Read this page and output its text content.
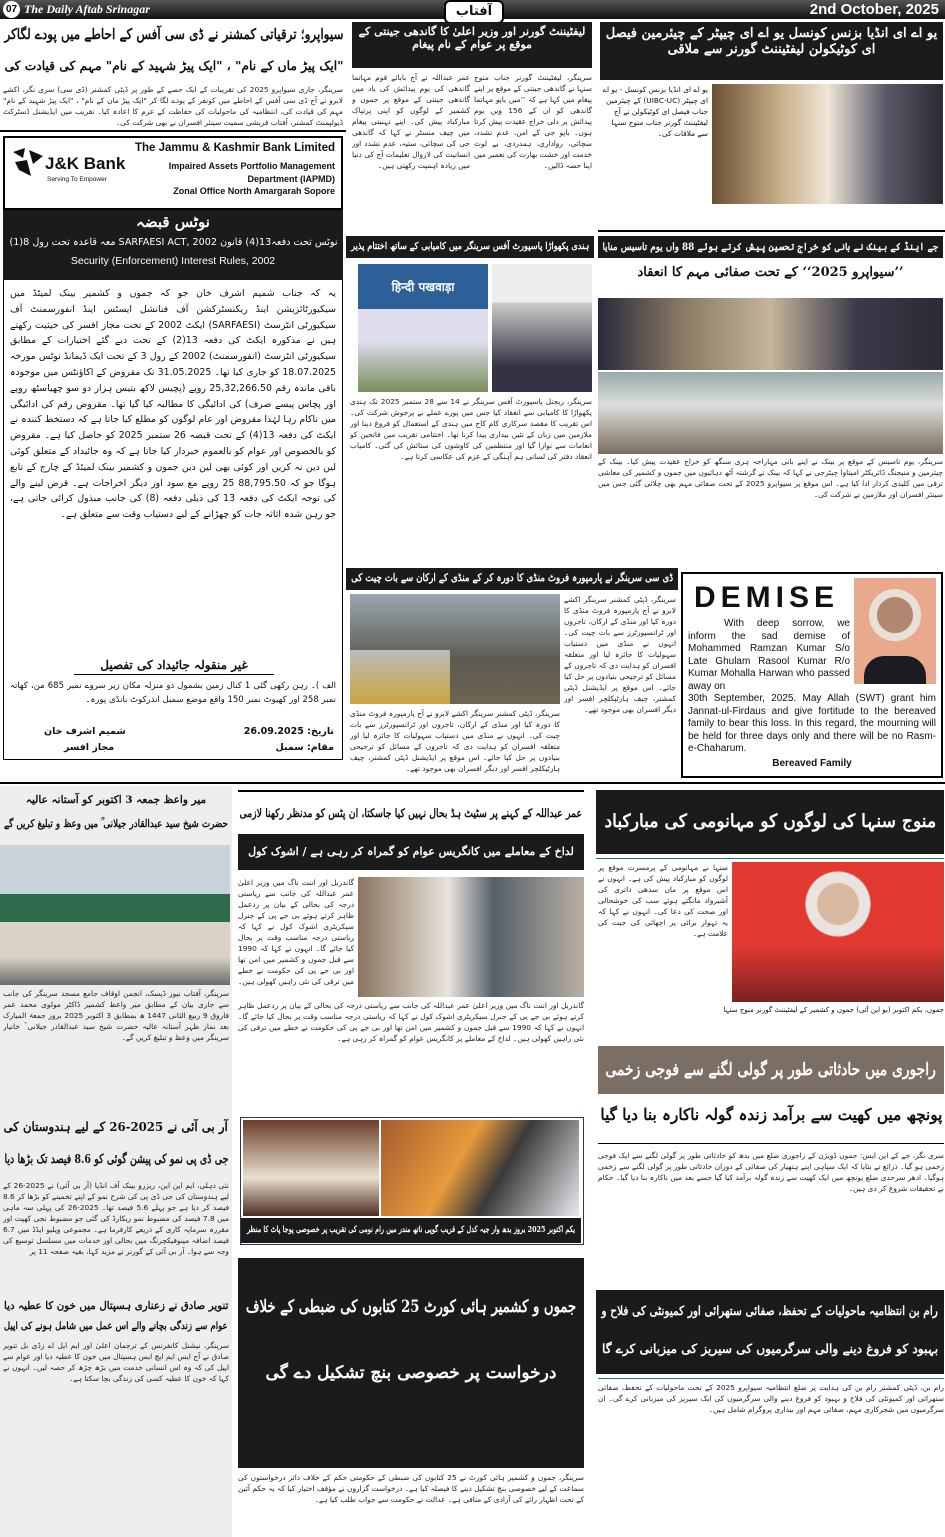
07 The Daily Aftab Srinagar	2nd October, 2025
آفتاب
سیواپرو؛ ترقیاتی کمشنر نے ڈی سی آفس کے احاطے میں پودے لگاکر
"ایک پیڑ ماں کے نام" ، "ایک پیڑ شہید کے نام" مہم کی قیادت کی
سرینگر، جاری سیواپرو 2025 کی تقریبات کے ایک حصے کے طور پر ڈپٹی کمشنر (ڈی سی) سری نگر، اکشے لابرو نے آج ڈی سی آفس کے احاطے میں کونفر کے پودے لگا کر "ایک پیڑ ماں کے نام" ، "ایک پیڑ شہید کے نام" مہم کی قیادت کی، انتظامیہ کی ماحولیات کی حفاظت کے عزم کا اعادہ کیا۔ تقریب میں ایڈیشنل ڈسٹرکٹ ڈیولپمنٹ کمشنر، آفتاب قریشی سمیت سینئر افسران نے بھی شرکت کی۔
J&K Bank
Serving To Empower
The Jammu & Kashmir Bank Limited
Impaired Assets Portfolio Management
Department (IAPMD)
Zonal Office North Amargarah Sopore
نوٹس قبضہ
نوٹس تحت دفعہ13(4) قانون SARFAESI ACT, 2002 معہ قاعدہ تحت رول 8(1)
Security (Enforcement) Interest Rules, 2002
یہ کہ جناب شمیم اشرف خان جو کہ جموں و کشمیر بینک لمیٹڈ میں سیکیورٹائزیشن اینڈ ریکنسٹرکشن آف فنانشل ایسٹس اینڈ انفورسمنٹ آف سیکیورٹی انٹرسٹ (SARFAESI) ایکٹ 2002 کے تحت مجاز افسر کی حیثیت رکھتے ہیں نے مذکورہ ایکٹ کی دفعہ 13(2) کے تحت دیے گئے اختیارات کے مطابق سیکیورٹی انٹرسٹ (انفورسمنٹ) 2002 کے رول 3 کے تحت ایک ڈیمانڈ نوٹس مورخہ 18.07.2025 کو جاری کیا تھا۔ 31.05.2025 تک مقروض کے اکاؤنٹس میں موجودہ باقی ماندہ رقم 25,32,266.50 روپے (پچیس لاکھ بتیس ہزار دو سو چھیاسٹھ روپے اور پچاس پیسے صرف) کی ادائیگی کا مطالبہ کیا گیا تھا۔ مقروض رقم کی ادائیگی میں ناکام رہا لہٰذا مقروض اور عام لوگوں کو مطلع کیا جاتا ہے کہ دستخط کنندہ نے ایکٹ کی دفعہ 13(4) کے تحت قبضہ 26 ستمبر 2025 کو حاصل کیا ہے۔ مقروض کو بالخصوص اور عوام کو بالعموم خبردار کیا جاتا ہے کہ وہ جائیداد کے متعلق کوئی لین دین نہ کریں اور کوئی بھی لین دین جموں و کشمیر بینک لمیٹڈ کے چارج کے تابع ہوگا جو کہ 88,795.50 25 روپے مع سود اور دیگر اخراجات ہے۔ قرض لینے والے کی توجہ ایکٹ کی دفعہ 13 کی ذیلی دفعہ (8) کی جانب مبذول کرائی جاتی ہے، جو رہن شدہ اثاثہ جات کو چھڑانے کے لیے دستیاب وقت سے متعلق ہے۔
غیر منقولہ جائیداد کی تفصیل
الف )۔ رہن رکھی گئی 1 کنال زمین بشمول دو منزلہ مکان زیر سروے نمبر 685 من، کھاتہ نمبر 258 اور کھیوٹ نمبر 150 واقع موضع سمبل اندرکوٹ بانڈی پورہ۔
تاریخ: 26.09.2025
مقام: سمبل
شمیم اشرف خان
مجاز افسر
لیفٹیننٹ گورنر اور وزیر اعلیٰ کا گاندھی جینتی کے موقع پر عوام کے نام پیغام
سرینگر، لیفٹیننٹ گورنر جناب منوج سنہا نے گاندھی جینتی کے موقع پر اپنے پیغام میں کہا ہے کہ ’’میں باپو مہاتما گاندھی کو ان کے 156 ویں یوم پیدائش پر دلی خراج عقیدت پیش کرتا ہوں۔ باپو جی کے امن، عدم تشدد، سچائی، رواداری، ہمدردی، بے لوث خدمت اور خشت بھارت کی تعمیر میں اپنا حصہ ڈالیں۔
عمر عبداللہ نے آج بابائے قوم مہاتما گاندھی کی یوم پیدائش کی یاد میں گاندھی جینتی کے موقع پر جموں و کشمیر کے لوگوں کو اپنی پرتپاک مبارکباد پیش کی۔ اپنے تہنیتی پیغام میں چیف منسٹر نے کہا کہ گاندھی جی کی سچائی، ستیہ، عدم تشدد اور انسانیت کی لازوال تعلیمات آج کی دنیا میں زیادہ اہمیت رکھتی ہیں۔
یو اے ای انڈیا بزنس کونسل یو اے ای چیپٹر کے چیئرمین فیصل ای کوٹیکولن لیفٹیننٹ گورنر سے ملاقی
یو اے ای انڈیا بزنس کونسل - یو اے ای چیپٹر (UIBC-UC) کے چیئرمین جناب فیصل ای کوٹیکولن نے آج لیفٹیننٹ گورنر جناب منوج سنہا سے ملاقات کی۔
ہندی پکھواڑا پاسپورٹ آفس سرینگر میں کامیابی کے ساتھ اختتام پذیر
हिन्दी पखवाड़ा
سرینگر، ریجنل پاسپورٹ آفس سرینگر نے 14 سے 28 ستمبر 2025 تک ہندی پکھواڑا کا کامیابی سے انعقاد کیا جس میں پورے عملے نے پرجوش شرکت کی۔ اس تقریب کا مقصد سرکاری کام کاج میں ہندی کے استعمال کو فروغ دینا اور ملازمین میں زبان کے تئیں بیداری پیدا کرنا تھا۔ اختتامی تقریب میں فاتحین کو انعامات سے نوازا گیا اور منتظمین کی کاوشوں کی ستائش کی گئی۔ کامیاب انعقاد دفتر کی لسانی ہم آہنگی کے عزم کی عکاسی کرتا ہے۔
جے اینڈ کے بینک نے بانی کو خراج تحسین پیش کرتے ہوئے 88 واں یوم تاسیس منایا
’’سیواپرو 2025‘‘ کے تحت صفائی مہم کا انعقاد
سرینگر، یوم تاسیس کے موقع پر بینک نے اپنے بانی مہاراجہ ہری سنگھ کو خراج عقیدت پیش کیا۔ بینک کے چیئرمین و منیجنگ ڈائریکٹر امیتاوا چیٹرجی نے کہا کہ بینک نے گزشتہ آٹھ دہائیوں میں جموں و کشمیر کی معاشی ترقی میں کلیدی کردار ادا کیا ہے۔ اس موقع پر سیواپرو 2025 کے تحت صفائی مہم بھی چلائی گئی جس میں سینئر افسران اور ملازمین نے شرکت کی۔
ڈی سی سرینگر نے پارمپورہ فروٹ منڈی کا دورہ کر کے منڈی کے ارکان سے بات چیت کی
سرینگر، ڈپٹی کمشنر سرینگر اکشے لابرو نے آج پارمپورہ فروٹ منڈی کا دورہ کیا اور منڈی کے ارکان، تاجروں اور ٹرانسپورٹرز سے بات چیت کی۔ انہوں نے منڈی میں دستیاب سہولیات کا جائزہ لیا اور متعلقہ افسران کو ہدایت دی کہ تاجروں کے مسائل کو ترجیحی بنیادوں پر حل کیا جائے۔ اس موقع پر ایڈیشنل ڈپٹی کمشنر، چیف ہارٹیکلچر افسر اور دیگر افسران بھی موجود تھے۔
سرینگر، ڈپٹی کمشنر سرینگر اکشے لابرو نے آج پارمپورہ فروٹ منڈی کا دورہ کیا اور منڈی کے ارکان، تاجروں اور ٹرانسپورٹرز سے بات چیت کی۔ انہوں نے منڈی میں دستیاب سہولیات کا جائزہ لیا اور متعلقہ افسران کو ہدایت دی کہ تاجروں کے مسائل کو ترجیحی بنیادوں پر حل کیا جائے۔ اس موقع پر ایڈیشنل ڈپٹی کمشنر، چیف ہارٹیکلچر افسر اور دیگر افسران بھی موجود تھے۔
DEMISE
With deep sorrow, we inform the sad demise of Mohammed Ramzan Kumar S/o Late Ghulam Rasool Kumar R/o Kumar Mohalla Harwan who passed away on
30th September, 2025. May Allah (SWT) grant him Jannat-ul-Firdaus and give fortitude to the bereaved family to bear this loss. In this regard, the mourning will be held for three days only and there will be no Rasm-e-Chaharum.
Bereaved Family
میر واعظ جمعہ 3 اکتوبر کو آستانہ عالیہ
حضرت شیخ سید عبدالقادر جیلانی ؒ میں وعظ و تبلیغ کریں گے
سرینگر، آفتاب نیوز ڈیسک، انجمن اوقاف جامع مسجد سرینگر کی جانب سے جاری بیان کے مطابق میر واعظ کشمیر ڈاکٹر مولوی محمد عمر فاروق 9 ربیع الثانی 1447 ھ بمطابق 3 اکتوبر 2025 بروز جمعۃ المبارک بعد نماز ظہر آستانہ عالیہ حضرت شیخ سید عبدالقادر جیلانی ؒ خانیار سرینگر میں وعظ و تبلیغ کریں گے۔
آر بی آئی نے 2025-26 کے لیے ہندوستان کی
جی ڈی پی نمو کی پیشن گوئی کو 8.6 فیصد تک بڑھا دیا
نئی دہلی، ایم این این، ریزرو بینک آف انڈیا (آر بی آئی) نے 2025-26 کے لیے ہندوستان کی جی ڈی پی کی شرح نمو کے اپنے تخمینے کو بڑھا کر 8.6 فیصد کر دیا ہے جو پہلے 5.6 فیصد تھا۔ 2025-26 کی پہلی سہ ماہی میں 7.8 فیصد کی مضبوط نمو ریکارڈ کی گئی جو مضبوط نجی کھپت اور مقررہ سرمایہ کاری کے ذریعے کارفرما ہے۔ مجموعی ویلیو ایڈڈ میں 6.7 فیصد اضافہ مینوفیکچرنگ میں بحالی اور خدمات میں مسلسل توسیع کی وجہ سے ہوا۔ آر بی آئی کے گورنر نے مزید کہا، بقیہ صفحہ 11 پر
تنویر صادق نے زعناری ہسپتال میں خون کا عطیہ دیا
عوام سے زندگی بچانے والے اس عمل میں شامل ہونے کی اپیل
سرینگر، نیشنل کانفرنس کے ترجمان اعلیٰ اور ایم ایل اے زڈی بل تنویر صادق نے آج ایس ایم ایچ ایس ہسپتال میں خون کا عطیہ دیا اور عوام سے اپیل کی کہ وہ اس انسانی خدمت میں بڑھ چڑھ کر حصہ لیں۔ انہوں نے کہا کہ خون کا عطیہ کسی کی زندگی بچا سکتا ہے۔
عمر عبداللہ کے کہنے پر سٹیٹ ہڈ بحال نہیں کیا جاسکتا، ان پٹس کو مدنظر رکھنا لازمی
لداخ کے معاملے میں کانگریس عوام کو گمراہ کر رہی ہے / اشوک کول
گاندربل اور اننت ناگ میں وزیر اعلیٰ عمر عبداللہ کی جانب سے ریاستی درجہ کی بحالی کے بیان پر ردعمل ظاہر کرتے ہوئے بی جے پی کے جنرل سیکریٹری اشوک کول نے کہا کہ ریاستی درجہ مناسب وقت پر بحال کیا جائے گا۔ انہوں نے کہا کہ 1990 سے قبل جموں و کشمیر میں امن تھا اور بی جے پی کی حکومت نے خطے میں ترقی کی نئی راہیں کھولی ہیں۔
گاندربل اور اننت ناگ میں وزیر اعلیٰ عمر عبداللہ کی جانب سے ریاستی درجہ کی بحالی کے بیان پر ردعمل ظاہر کرتے ہوئے بی جے پی کے جنرل سیکریٹری اشوک کول نے کہا کہ ریاستی درجہ مناسب وقت پر بحال کیا جائے گا۔ انہوں نے کہا کہ 1990 سے قبل جموں و کشمیر میں امن تھا اور بی جے پی کی حکومت نے خطے میں ترقی کی نئی راہیں کھولی ہیں۔ لداخ کے معاملے پر کانگریس عوام کو گمراہ کر رہی ہے۔
یکم اکتوبر 2025 بروز بدھ وار جیہ کدل کے قریب گوپی ناتھ مندر میں رام نومی کی تقریب پر خصوصی پوجا پاٹ کا منظر
جموں و کشمیر ہائی کورٹ 25 کتابوں کی ضبطی کے خلاف
درخواست پر خصوصی بنچ تشکیل دے گی
سرینگر، جموں و کشمیر ہائی کورٹ نے 25 کتابوں کی ضبطی کے حکومتی حکم کے خلاف دائر درخواستوں کی سماعت کے لیے خصوصی بنچ تشکیل دینے کا فیصلہ کیا ہے۔ درخواست گزاروں نے مؤقف اختیار کیا کہ یہ حکم آئین کے تحت اظہار رائے کی آزادی کے منافی ہے۔ عدالت نے حکومت سے جواب طلب کیا ہے۔
منوج سنہا کی لوگوں کو مہانومی کی مبارکباد
سنہا نے مہانومی کے پرمسرت موقع پر لوگوں کو مبارکباد پیش کی ہے۔ انہوں نے اس موقع پر ماں سدھی داتری کی آشیرواد مانگتے ہوئے سب کی خوشحالی اور صحت کی دعا کی۔ انہوں نے کہا کہ یہ تہوار برائی پر اچھائی کی جیت کی علامت ہے۔
جموں، یکم اکتوبر (یو این آئی) جموں و کشمیر کے لیفٹیننٹ گورنر منوج سنہا
راجوری میں حادثاتی طور پر گولی لگنے سے فوجی زخمی
پونچھ میں کھیت سے برآمد زندہ گولہ ناکارہ بنا دیا گیا
سری نگر، جے کے این ایس: جموں ڈویژن کے راجوری ضلع میں بدھ کو حادثاتی طور پر گولی لگنے سے ایک فوجی زخمی ہو گیا۔ ذرائع نے بتایا کہ ایک سپاہی اپنے ہتھیار کی صفائی کے دوران حادثاتی طور پر گولی لگنے سے زخمی ہوگیا۔ ادھر سرحدی ضلع پونچھ میں ایک کھیت سے زندہ گولہ برآمد کیا گیا جسے بعد میں ناکارہ بنا دیا گیا۔ حکام نے تحقیقات شروع کر دی ہیں۔
رام بن انتظامیہ ماحولیات کے تحفظ، صفائی ستھرائی اور کمیونٹی کی فلاح و
بہبود کو فروغ دینے والی سرگرمیوں کی سیریز کی میزبانی کرے گا
رام بن، ڈپٹی کمشنر رام بن کی ہدایت پر ضلع انتظامیہ سیواپرو 2025 کے تحت ماحولیات کے تحفظ، صفائی ستھرائی اور کمیونٹی کی فلاح و بہبود کو فروغ دینے والی سرگرمیوں کی ایک سیریز کی میزبانی کرے گی۔ ان سرگرمیوں میں شجرکاری مہم، صفائی مہم اور بیداری پروگرام شامل ہیں۔
